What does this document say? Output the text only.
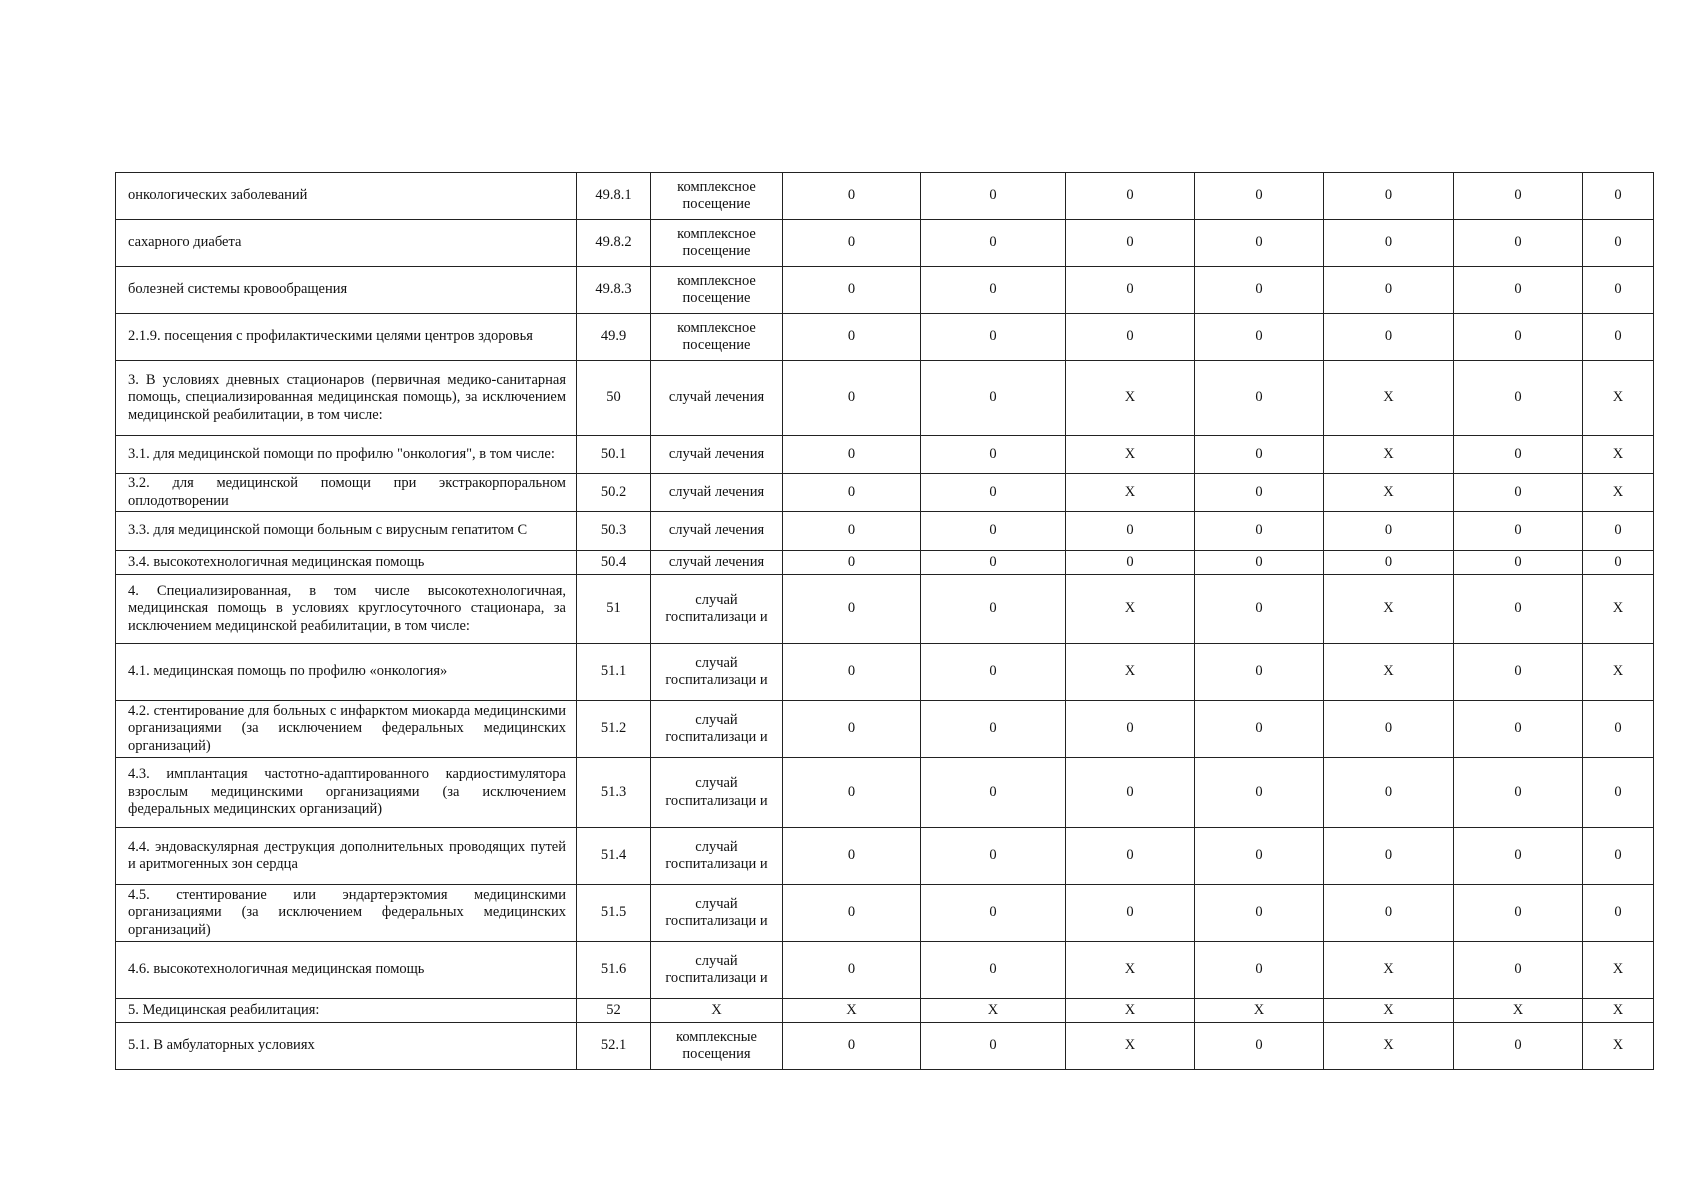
онкологических заболеваний	49.8.1	комплексное посещение	0	0	0	0	0	0	0
сахарного диабета	49.8.2	комплексное посещение	0	0	0	0	0	0	0
болезней системы кровообращения	49.8.3	комплексное посещение	0	0	0	0	0	0	0
2.1.9. посещения с профилактическими целями центров здоровья	49.9	комплексное посещение	0	0	0	0	0	0	0
3. В условиях дневных стационаров (первичная медико-санитарная помощь, специализированная медицинская помощь), за исключением медицинской реабилитации, в том числе:	50	случай лечения	0	0	X	0	X	0	X
3.1. для медицинской помощи по профилю "онкология", в том числе:	50.1	случай лечения	0	0	X	0	X	0	X
3.2. для медицинской помощи при экстракорпоральном оплодотворении	50.2	случай лечения	0	0	X	0	X	0	X
3.3. для медицинской помощи больным с вирусным гепатитом С	50.3	случай лечения	0	0	0	0	0	0	0
3.4. высокотехнологичная медицинская помощь	50.4	случай лечения	0	0	0	0	0	0	0
4. Специализированная, в том числе высокотехнологичная, медицинская помощь в условиях круглосуточного стационара, за исключением медицинской реабилитации, в том числе:	51	случай госпитализаци и	0	0	X	0	X	0	X
4.1. медицинская помощь по профилю «онкология»	51.1	случай госпитализаци и	0	0	X	0	X	0	X
4.2. стентирование для больных с инфарктом миокарда медицинскими организациями (за исключением федеральных медицинских организаций)	51.2	случай госпитализаци и	0	0	0	0	0	0	0
4.3. имплантация частотно-адаптированного кардиостимулятора взрослым медицинскими организациями (за исключением федеральных медицинских организаций)	51.3	случай госпитализаци и	0	0	0	0	0	0	0
4.4. эндоваскулярная деструкция дополнительных проводящих путей и аритмогенных зон сердца	51.4	случай госпитализаци и	0	0	0	0	0	0	0
4.5. стентирование или эндартерэктомия медицинскими организациями (за исключением федеральных медицинских организаций)	51.5	случай госпитализаци и	0	0	0	0	0	0	0
4.6. высокотехнологичная медицинская помощь	51.6	случай госпитализаци и	0	0	X	0	X	0	X
5. Медицинская реабилитация:	52	X	X	X	X	X	X	X	X
5.1. В амбулаторных условиях	52.1	комплексные посещения	0	0	X	0	X	0	X
